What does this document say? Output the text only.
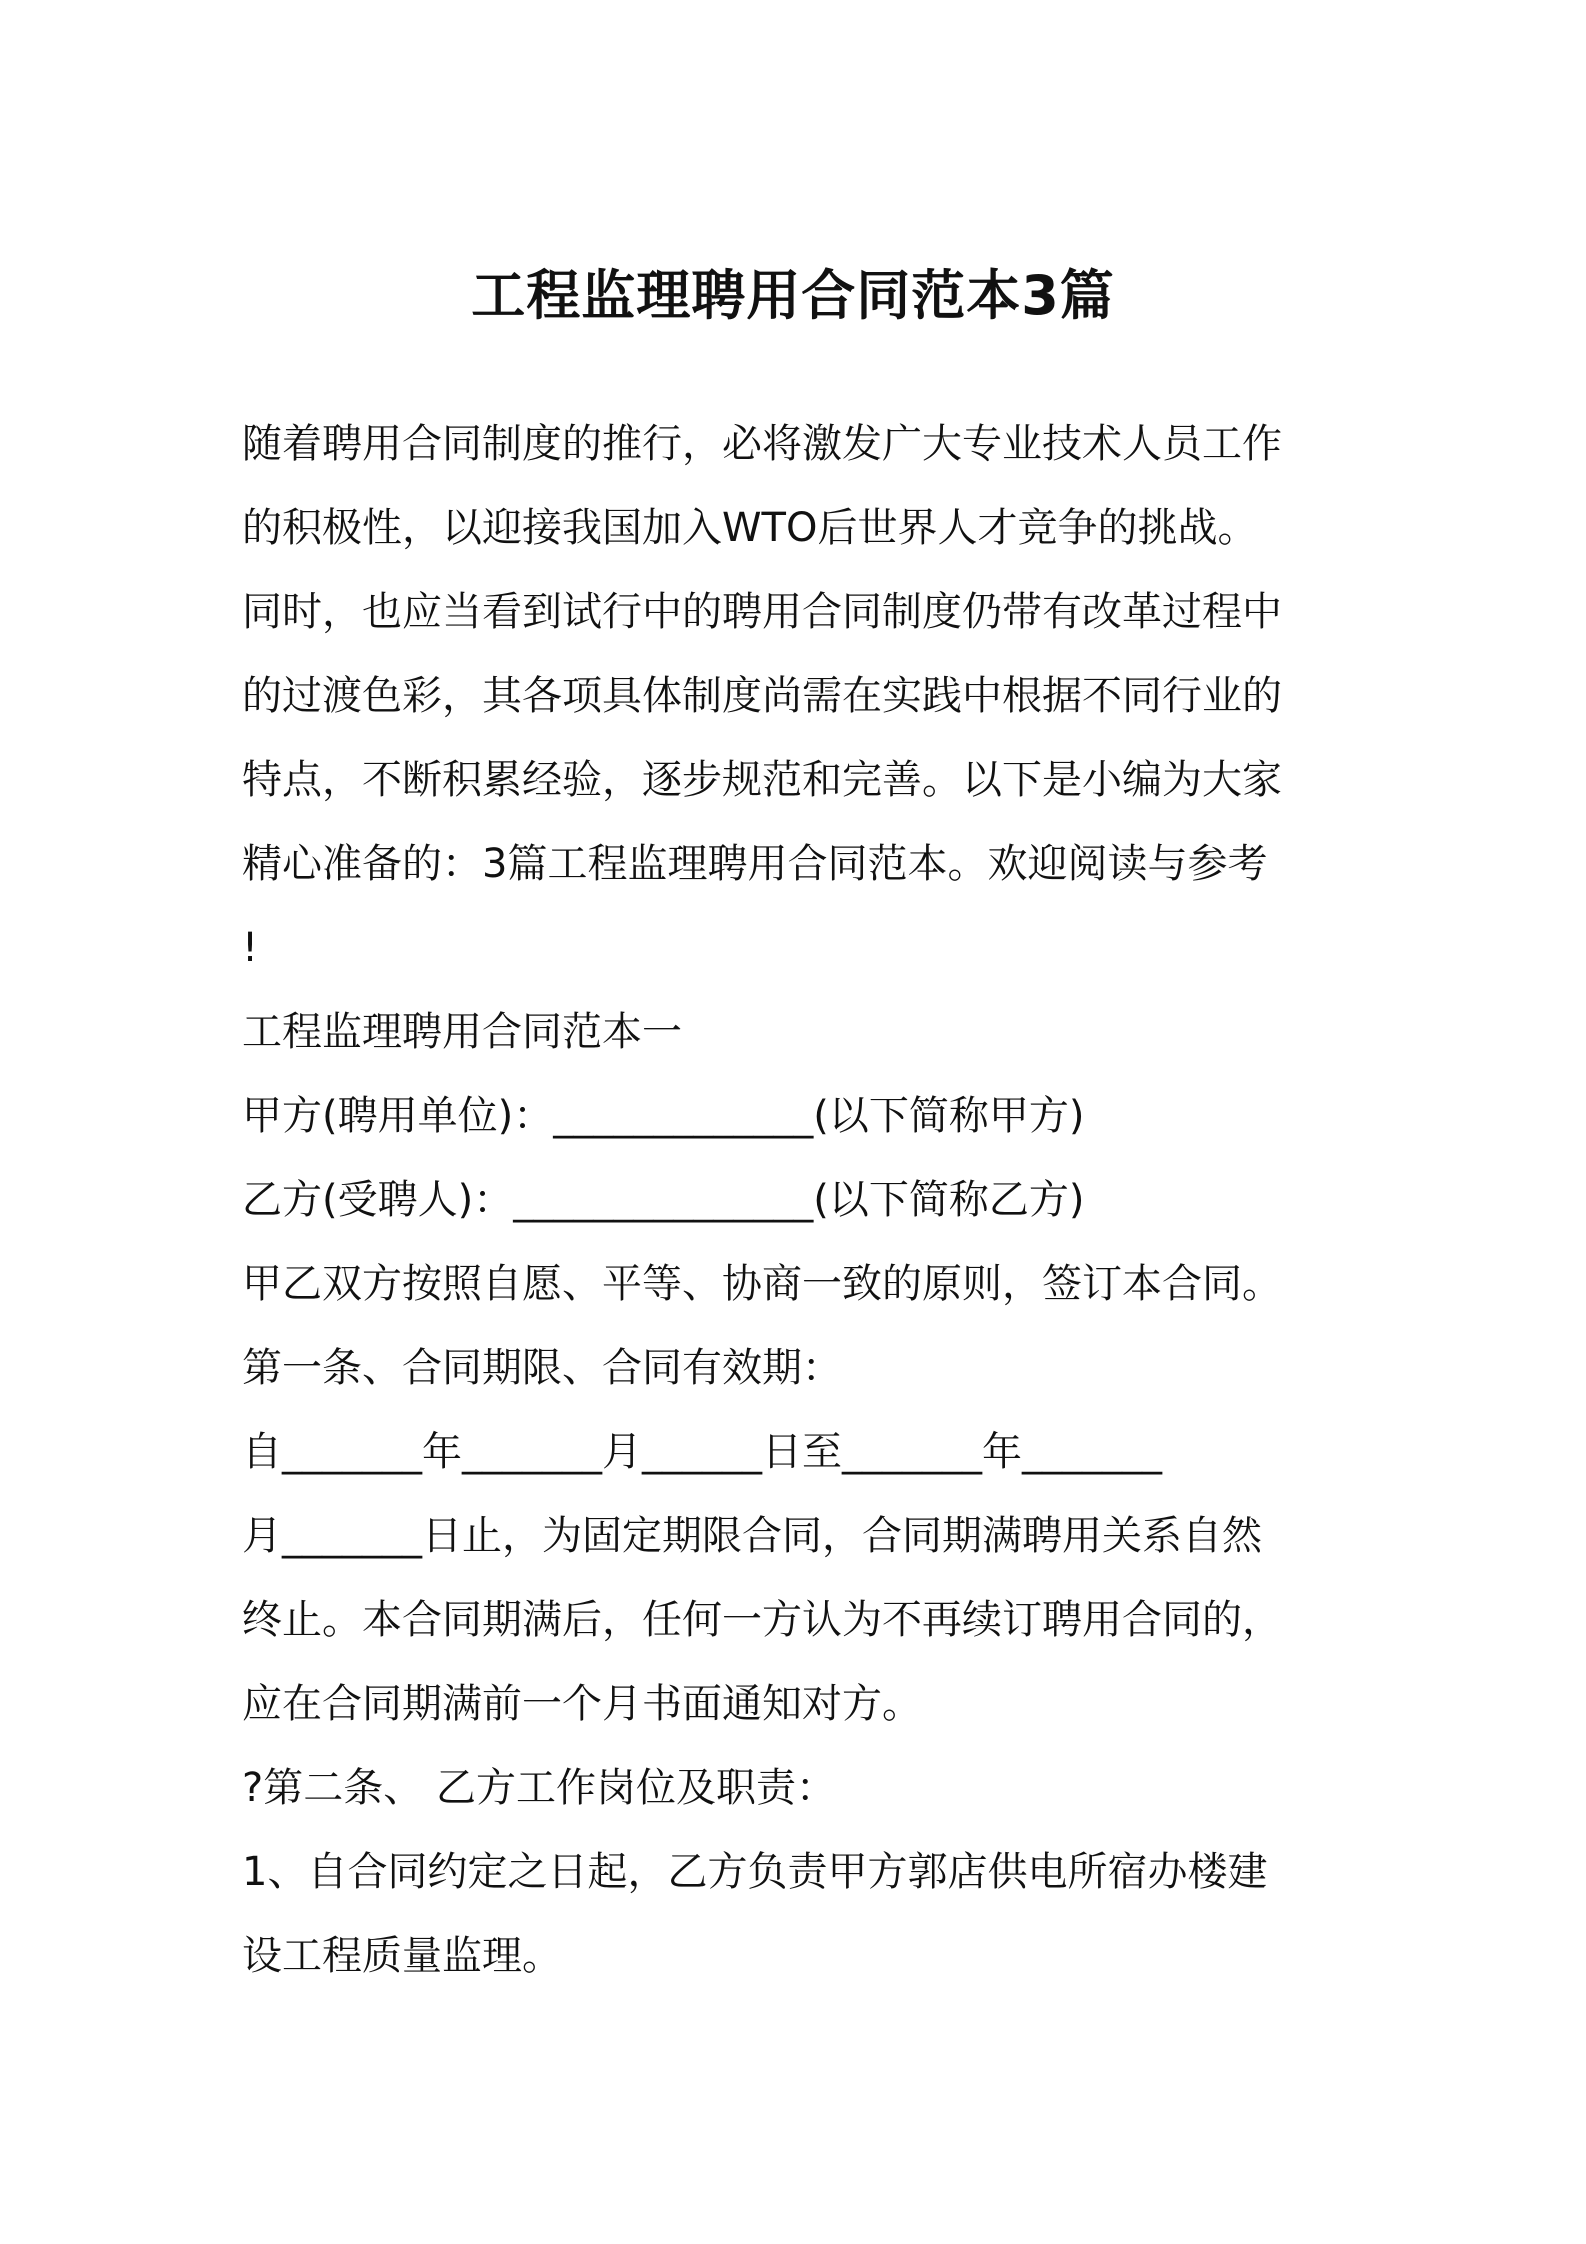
工程监理聘用合同范本3篇
随着聘用合同制度的推行，必将激发广大专业技术人员工作
的积极性，以迎接我国加入WTO后世界人才竞争的挑战。
同时，也应当看到试行中的聘用合同制度仍带有改革过程中
的过渡色彩，其各项具体制度尚需在实践中根据不同行业的
特点，不断积累经验，逐步规范和完善。以下是小编为大家
精心准备的：3篇工程监理聘用合同范本。欢迎阅读与参考
!
工程监理聘用合同范本一
甲方(聘用单位)：_____________(以下简称甲方)
乙方(受聘人)：_______________(以下简称乙方)
甲乙双方按照自愿、平等、协商一致的原则，签订本合同。
第一条、合同期限、合同有效期：
自_______年_______月______日至_______年_______
月_______日止，为固定期限合同，合同期满聘用关系自然
终止。本合同期满后，任何一方认为不再续订聘用合同的，
应在合同期满前一个月书面通知对方。
?第二条、 乙方工作岗位及职责：
1、自合同约定之日起，乙方负责甲方郭店供电所宿办楼建
设工程质量监理。
